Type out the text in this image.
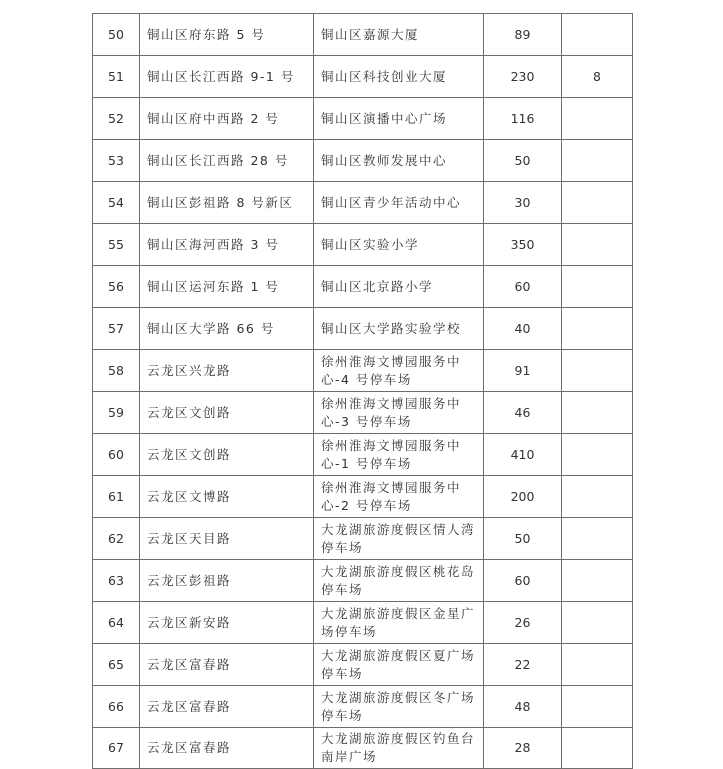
50	铜山区府东路 5 号	铜山区嘉源大厦	89	
51	铜山区长江西路 9-1 号	铜山区科技创业大厦	230	8
52	铜山区府中西路 2 号	铜山区演播中心广场	116	
53	铜山区长江西路 28 号	铜山区教师发展中心	50	
54	铜山区彭祖路 8 号新区	铜山区青少年活动中心	30	
55	铜山区海河西路 3 号	铜山区实验小学	350	
56	铜山区运河东路 1 号	铜山区北京路小学	60	
57	铜山区大学路 66 号	铜山区大学路实验学校	40	
58	云龙区兴龙路	徐州淮海文博园服务中心-4 号停车场	91	
59	云龙区文创路	徐州淮海文博园服务中心-3 号停车场	46	
60	云龙区文创路	徐州淮海文博园服务中心-1 号停车场	410	
61	云龙区文博路	徐州淮海文博园服务中心-2 号停车场	200	
62	云龙区天目路	大龙湖旅游度假区情人湾停车场	50	
63	云龙区彭祖路	大龙湖旅游度假区桃花岛停车场	60	
64	云龙区新安路	大龙湖旅游度假区金星广场停车场	26	
65	云龙区富春路	大龙湖旅游度假区夏广场停车场	22	
66	云龙区富春路	大龙湖旅游度假区冬广场停车场	48	
67	云龙区富春路	大龙湖旅游度假区钓鱼台南岸广场	28	
